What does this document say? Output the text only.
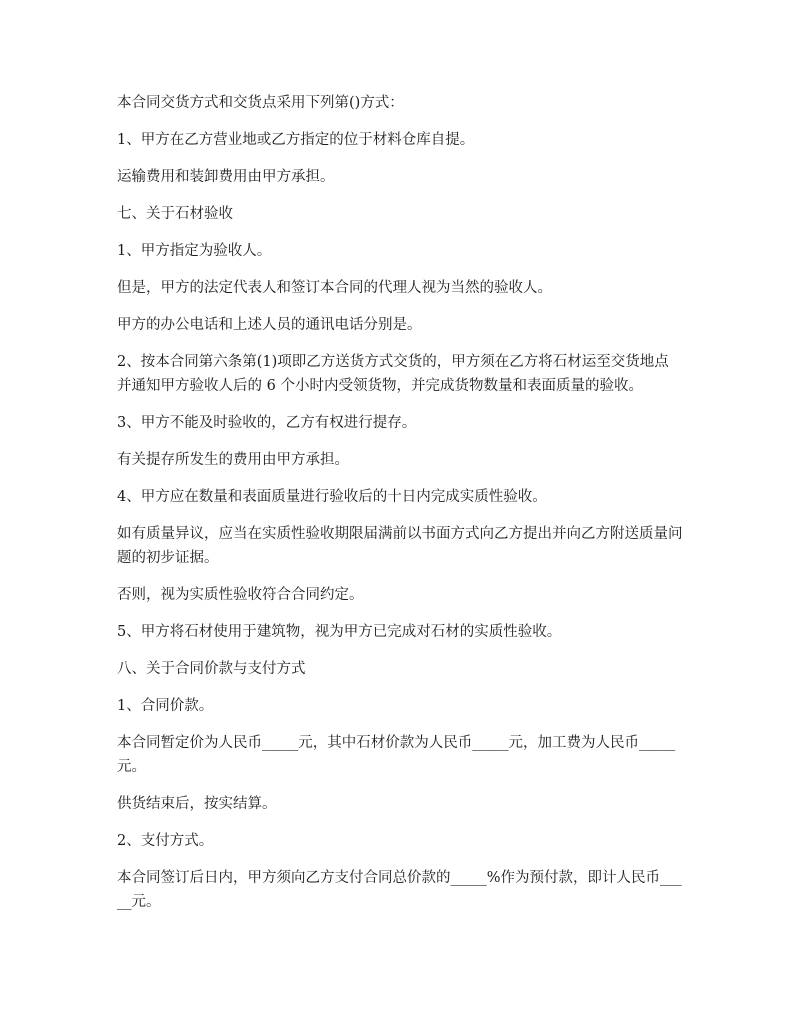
本合同交货方式和交货点采用下列第()方式：

1、甲方在乙方营业地或乙方指定的位于材料仓库自提。

运输费用和装卸费用由甲方承担。

七、关于石材验收

1、甲方指定为验收人。

但是，甲方的法定代表人和签订本合同的代理人视为当然的验收人。

甲方的办公电话和上述人员的通讯电话分别是。

2、按本合同第六条第(1)项即乙方送货方式交货的，甲方须在乙方将石材运至交货地点并通知甲方验收人后的 6 个小时内受领货物，并完成货物数量和表面质量的验收。

3、甲方不能及时验收的，乙方有权进行提存。

有关提存所发生的费用由甲方承担。

4、甲方应在数量和表面质量进行验收后的十日内完成实质性验收。

如有质量异议，应当在实质性验收期限届满前以书面方式向乙方提出并向乙方附送质量问题的初步证据。

否则，视为实质性验收符合合同约定。

5、甲方将石材使用于建筑物，视为甲方已完成对石材的实质性验收。

八、关于合同价款与支付方式

1、合同价款。

本合同暂定价为人民币_____元，其中石材价款为人民币_____元，加工费为人民币_____元。

供货结束后，按实结算。

2、支付方式。

本合同签订后日内，甲方须向乙方支付合同总价款的_____%作为预付款，即计人民币_____元。
